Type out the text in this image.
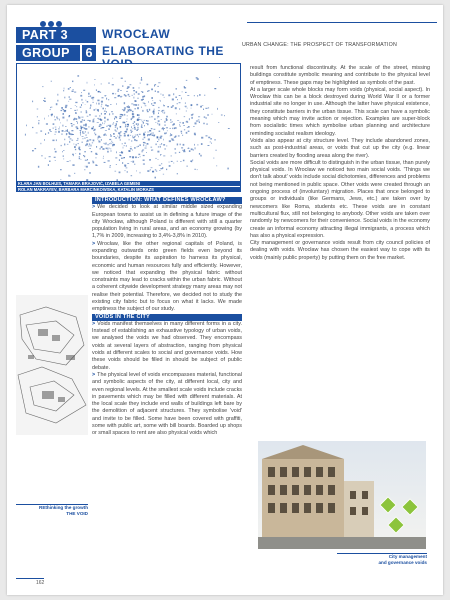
URBAN CHANGE: THE PROSPECT OF TRANSFORMATION
PART 3
GROUP	6
WROCŁAW
ELABORATING THE
KLARA JAN BOLHUIS, TAMARA BRAJOVIĆ, IZABELA GEMENI
ROLAN MAKRAYEV, BARBARA MARCINKOWSKA, KATALIN MORAZS
INTRODUCTION: WHAT DEFINES WROCŁAW?

> We decided to look at similar middle sized expanding European towns to assist us in defining a future image of the city Wrocław, although Poland is different with still a quarter population living in rural areas, and an economy growing (by 1,7% in 2009, increasing to 3,4%-3,8% in 2010).

> Wrocław, like the other regional capitals of Poland, is expanding outwards onto green fields even beyond its boundaries, despite its aspiration to harness its physical, economic and human resources fully and efficiently. However, we noticed that expanding the physical fabric without constraints may lead to cracks within the urban fabric. Without a coherent citywide development strategy many areas may not realise their potential. Therefore, we decided not to study the existing city fabric but to focus on what it lacks. We made emptiness the subject of our study.

VOIDS IN THE CITY

> Voids manifest themselves in many different forms in a city. Instead of establishing an exhaustive typology of urban voids, we analysed the voids we had observed. They encompass voids at several layers of abstraction, ranging from physical voids at different scales to social and governance voids. How these voids should be filled in should be subject of public debate.

> The physical level of voids encompasses material, functional and symbolic aspects of the city, at different local, city and even regional levels. At the smallest scale voids include cracks in pavements which may be filled with different materials. At the local scale they include end walls of buildings left bare by the demolition of adjacent structures. They symbolise 'void' and invite to be filled. Some have been covered with graffiti, some with public art, some with bill boards. Boarded up shops or small spaces to rent are also physical voids which

result from functional discontinuity. At the scale of the street, missing buildings constitute symbolic meaning and contribute to the physical level of emptiness. These gaps may be highlighted as symbols of the past.

At a larger scale whole blocks may form voids (physical, social aspect). In Wrocław this can be a block destroyed during World War II or a former industrial site no longer in use. Although the latter have physical existence, they constitute barriers in the urban tissue. This scale can have a symbolic meaning which may invite action or rejection. Examples are super-block from socialistic times which symbolise urban planning and architecture reminding socialist realism ideology.

Voids also appear at city structure level. They include abandoned zones, such as post-industrial areas, or voids that cut up the city (e.g. linear barriers created by flooding areas along the river).

Social voids are more difficult to distinguish in the urban tissue, than purely physical voids. In Wrocław we noticed two main social voids. 'Things we don't talk about' voids include social dichotomies, differences and problems not being mentioned in public space. Other voids were created through an ongoing process of (involuntary) migration. Places that once belonged to groups or individuals (like Germans, Jews, etc.) are taken over by newcomers like Roma, students etc. These voids are in constant multicultural flux, still not belonging to anybody. Other voids are taken over randomly by newcomers for their convenience. Social voids in the economy create an informal economy attracting illegal immigrants, a process which has also a physical expression.

City management or governance voids result from city council policies of dealing with voids. Wrocław has chosen the easiest way to cope with its voids (mainly public property) by putting them on the free market.

REthinking the growth
THE VOID
City management
and governance voids
162
